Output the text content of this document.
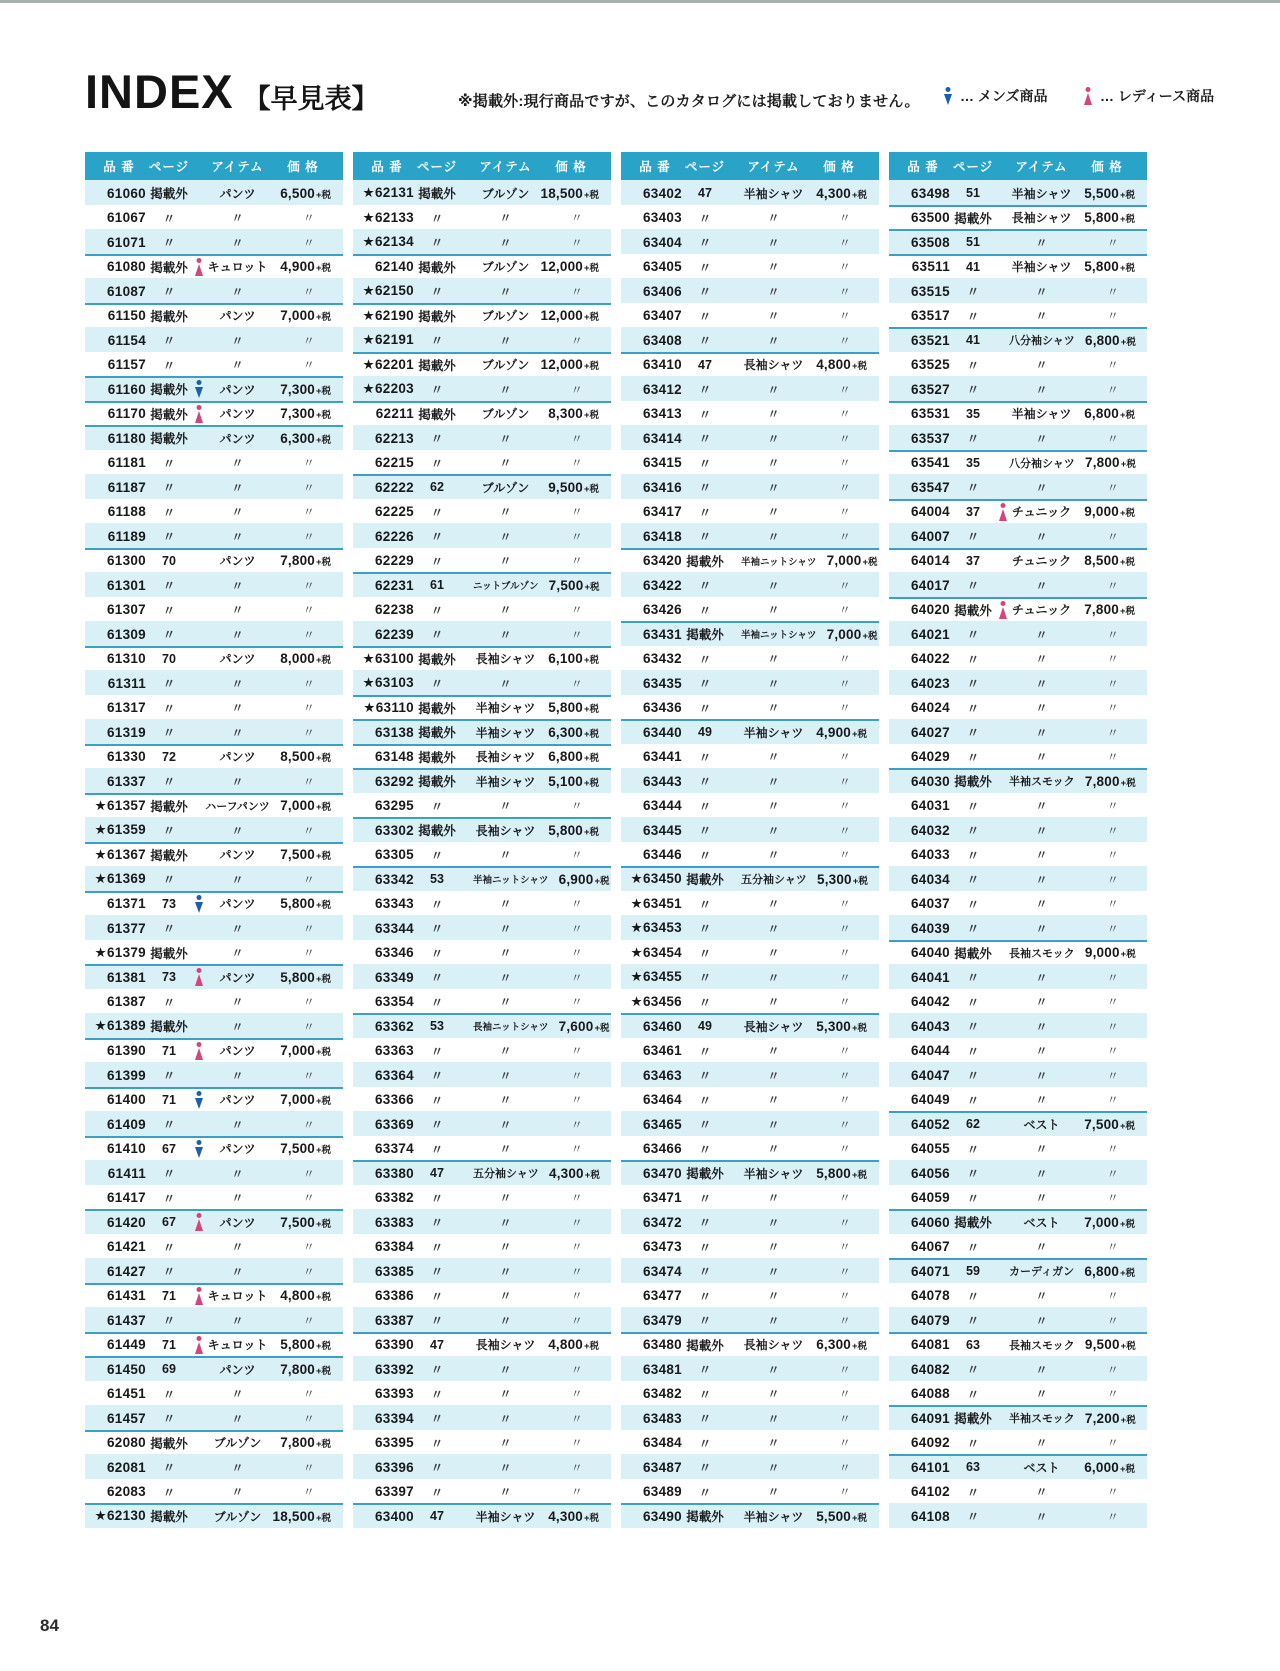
INDEX 【早見表】	※掲載外:現行商品ですが、このカタログには掲載しておりません。	… メンズ商品	… レディース商品
品 番	ページ	アイテム	価 格
61060 掲載外	パンツ	6,500 +税
61067	〃	〃	〃
61071	〃	〃	〃
61080 掲載外	キュロット 4,900 +税
61087	〃	〃	〃
61150 掲載外	パンツ	7,000 +税
61154	〃	〃	〃
61157	〃	〃	〃
61160 掲載外	パンツ	7,300 +税
61170 掲載外	パンツ	7,300 +税
61180 掲載外	パンツ	6,300 +税
61181	〃	〃	〃
61187	〃	〃	〃
61188	〃	〃	〃
61189	〃	〃	〃
61300	70	パンツ	7,800 +税
61301	〃	〃	〃
61307	〃	〃	〃
61309	〃	〃	〃
61310	70	パンツ	8,000 +税
61311	〃	〃	〃
61317	〃	〃	〃
61319	〃	〃	〃
61330	72	パンツ	8,500 +税
61337	〃	〃	〃
★61357 掲載外	ハーフパンツ 7,000 +税
★61359	〃	〃	〃
★61367 掲載外	パンツ	7,500 +税
★61369	〃	〃	〃
61371	73	パンツ	5,800 +税
61377	〃	〃	〃
★61379 掲載外	〃	〃
61381	73	パンツ	5,800 +税
61387	〃	〃	〃
★61389 掲載外	〃	〃
61390	71	パンツ	7,000 +税
61399	〃	〃	〃
61400	71	パンツ	7,000 +税
61409	〃	〃	〃
61410	67	パンツ	7,500 +税
61411	〃	〃	〃
61417	〃	〃	〃
61420	67	パンツ	7,500 +税
61421	〃	〃	〃
61427	〃	〃	〃
61431	71	キュロット 4,800 +税
61437	〃	〃	〃
61449	71	キュロット 5,800 +税
61450	69	パンツ	7,800 +税
61451	〃	〃	〃
61457	〃	〃	〃
62080 掲載外	ブルゾン	7,800 +税
62081	〃	〃	〃
62083	〃	〃	〃
★62130 掲載外	ブルゾン 18,500 +税
品 番	ページ	アイテム	価 格
★62131 掲載外	ブルゾン 18,500 +税
★62133	〃	〃	〃
★62134	〃	〃	〃
62140 掲載外	ブルゾン 12,000 +税
★62150	〃	〃	〃
★62190 掲載外	ブルゾン 12,000 +税
★62191	〃	〃	〃
★62201 掲載外	ブルゾン 12,000 +税
★62203	〃	〃	〃
62211 掲載外	ブルゾン	8,300 +税
62213	〃	〃	〃
62215	〃	〃	〃
62222	62	ブルゾン	9,500 +税
62225	〃	〃	〃
62226	〃	〃	〃
62229	〃	〃	〃
62231	61	ニットブルゾン 7,500 +税
62238	〃	〃	〃
62239	〃	〃	〃
★63100 掲載外	長袖シャツ 6,100 +税
★63103	〃	〃	〃
★63110 掲載外	半袖シャツ 5,800 +税
63138 掲載外	半袖シャツ 6,300 +税
63148 掲載外	長袖シャツ 6,800 +税
63292 掲載外	半袖シャツ 5,100 +税
63295	〃	〃	〃
63302 掲載外	長袖シャツ 5,800 +税
63305	〃	〃	〃
63342	53	半袖ニットシャツ 6,900 +税
63343	〃	〃	〃
63344	〃	〃	〃
63346	〃	〃	〃
63349	〃	〃	〃
63354	〃	〃	〃
63362	53	長袖ニットシャツ 7,600 +税
63363	〃	〃	〃
63364	〃	〃	〃
63366	〃	〃	〃
63369	〃	〃	〃
63374	〃	〃	〃
63380	47	五分袖シャツ 4,300 +税
63382	〃	〃	〃
63383	〃	〃	〃
63384	〃	〃	〃
63385	〃	〃	〃
63386	〃	〃	〃
63387	〃	〃	〃
63390	47	長袖シャツ 4,800 +税
63392	〃	〃	〃
63393	〃	〃	〃
63394	〃	〃	〃
63395	〃	〃	〃
63396	〃	〃	〃
63397	〃	〃	〃
63400	47	半袖シャツ 4,300 +税
品 番	ページ	アイテム	価 格
63402	47	半袖シャツ 4,300 +税
63403	〃	〃	〃
63404	〃	〃	〃
63405	〃	〃	〃
63406	〃	〃	〃
63407	〃	〃	〃
63408	〃	〃	〃
63410	47	長袖シャツ 4,800 +税
63412	〃	〃	〃
63413	〃	〃	〃
63414	〃	〃	〃
63415	〃	〃	〃
63416	〃	〃	〃
63417	〃	〃	〃
63418	〃	〃	〃
63420 掲載外	半袖ニットシャツ 7,000 +税
63422	〃	〃	〃
63426	〃	〃	〃
63431 掲載外	半袖ニットシャツ 7,000 +税
63432	〃	〃	〃
63435	〃	〃	〃
63436	〃	〃	〃
63440	49	半袖シャツ 4,900 +税
63441	〃	〃	〃
63443	〃	〃	〃
63444	〃	〃	〃
63445	〃	〃	〃
63446	〃	〃	〃
★63450 掲載外	五分袖シャツ 5,300 +税
★63451	〃	〃	〃
★63453	〃	〃	〃
★63454	〃	〃	〃
★63455	〃	〃	〃
★63456	〃	〃	〃
63460	49	長袖シャツ 5,300 +税
63461	〃	〃	〃
63463	〃	〃	〃
63464	〃	〃	〃
63465	〃	〃	〃
63466	〃	〃	〃
63470 掲載外	半袖シャツ 5,800 +税
63471	〃	〃	〃
63472	〃	〃	〃
63473	〃	〃	〃
63474	〃	〃	〃
63477	〃	〃	〃
63479	〃	〃	〃
63480 掲載外	長袖シャツ 6,300 +税
63481	〃	〃	〃
63482	〃	〃	〃
63483	〃	〃	〃
63484	〃	〃	〃
63487	〃	〃	〃
63489	〃	〃	〃
63490 掲載外	半袖シャツ 5,500 +税
品 番	ページ	アイテム	価 格
63498	51	半袖シャツ 5,500 +税
63500 掲載外	長袖シャツ 5,800 +税
63508	51	〃	〃
63511	41	半袖シャツ 5,800 +税
63515	〃	〃	〃
63517	〃	〃	〃
63521	41	八分袖シャツ 6,800 +税
63525	〃	〃	〃
63527	〃	〃	〃
63531	35	半袖シャツ 6,800 +税
63537	〃	〃	〃
63541	35	八分袖シャツ 7,800 +税
63547	〃	〃	〃
64004	37	チュニック 9,000 +税
64007	〃	〃	〃
64014	37	チュニック 8,500 +税
64017	〃	〃	〃
64020 掲載外	チュニック 7,800 +税
64021	〃	〃	〃
64022	〃	〃	〃
64023	〃	〃	〃
64024	〃	〃	〃
64027	〃	〃	〃
64029	〃	〃	〃
64030 掲載外	半袖スモック 7,800 +税
64031	〃	〃	〃
64032	〃	〃	〃
64033	〃	〃	〃
64034	〃	〃	〃
64037	〃	〃	〃
64039	〃	〃	〃
64040 掲載外	長袖スモック 9,000 +税
64041	〃	〃	〃
64042	〃	〃	〃
64043	〃	〃	〃
64044	〃	〃	〃
64047	〃	〃	〃
64049	〃	〃	〃
64052	62	ベスト	7,500 +税
64055	〃	〃	〃
64056	〃	〃	〃
64059	〃	〃	〃
64060 掲載外	ベスト	7,000 +税
64067	〃	〃	〃
64071	59	カーディガン 6,800 +税
64078	〃	〃	〃
64079	〃	〃	〃
64081	63	長袖スモック 9,500 +税
64082	〃	〃	〃
64088	〃	〃	〃
64091 掲載外	半袖スモック 7,200 +税
64092	〃	〃	〃
64101	63	ベスト	6,000 +税
64102	〃	〃	〃
64108	〃	〃	〃
84
